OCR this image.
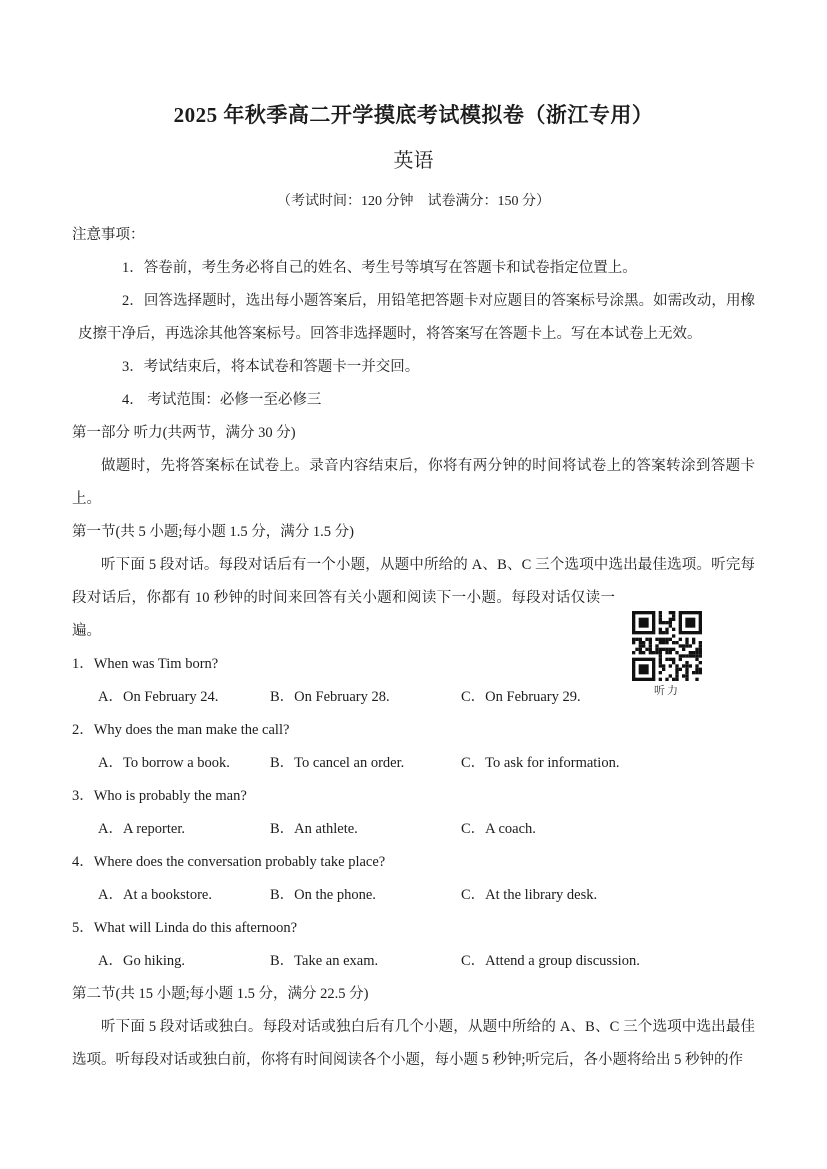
2025 年秋季高二开学摸底考试模拟卷（浙江专用）
英语

（考试时间：120 分钟　试卷满分：150 分）

注意事项：

1．答卷前，考生务必将自己的姓名、考生号等填写在答题卡和试卷指定位置上。

2．回答选择题时，选出每小题答案后，用铅笔把答题卡对应题目的答案标号涂黑。如需改动，用橡皮擦干净后，再选涂其他答案标号。回答非选择题时，将答案写在答题卡上。写在本试卷上无效。

3．考试结束后，将本试卷和答题卡一并交回。

4． 考试范围：必修一至必修三

第一部分 听力(共两节，满分 30 分)

做题时，先将答案标在试卷上。录音内容结束后，你将有两分钟的时间将试卷上的答案转涂到答题卡上。

第一节(共 5 小题;每小题 1.5 分，满分 1.5 分)

听力

听下面 5 段对话。每段对话后有一个小题，从题中所给的 A、B、C 三个选项中选出最佳选项。听完每段对话后，你都有 10 秒钟的时间来回答有关小题和阅读下一小题。每段对话仅读一遍。

1．When was Tim born?

A．On February 24.	B．On February 28.	C．On February 29.

2．Why does the man make the call?

A．To borrow a book.	B．To cancel an order.	C．To ask for information.

3．Who is probably the man?

A．A reporter.	B．An athlete.	C．A coach.

4．Where does the conversation probably take place?

A．At a bookstore.	B．On the phone.	C．At the library desk.

5．What will Linda do this afternoon?

A．Go hiking.	B．Take an exam.	C．Attend a group discussion.

第二节(共 15 小题;每小题 1.5 分，满分 22.5 分)

听下面 5 段对话或独白。每段对话或独白后有几个小题，从题中所给的 A、B、C 三个选项中选出最佳选项。听每段对话或独白前，你将有时间阅读各个小题，每小题 5 秒钟;听完后，各小题将给出 5 秒钟的作
